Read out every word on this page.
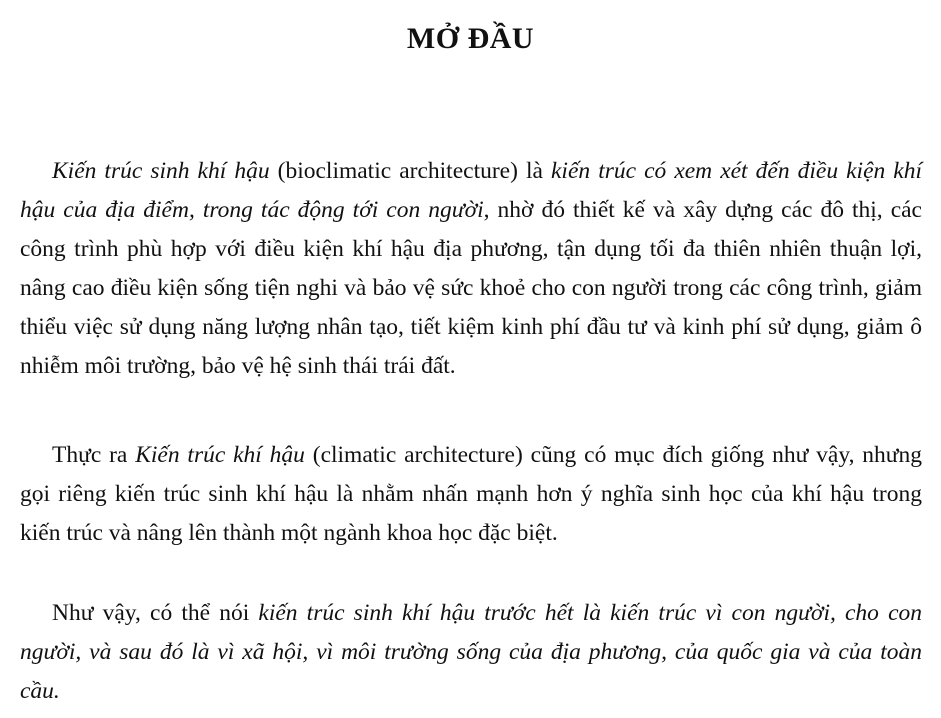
MỞ ĐẦU

Kiến trúc sinh khí hậu (bioclimatic architecture) là kiến trúc có xem xét đến điều kiện khí hậu của địa điểm, trong tác động tới con người, nhờ đó thiết kế và xây dựng các đô thị, các công trình phù hợp với điều kiện khí hậu địa phương, tận dụng tối đa thiên nhiên thuận lợi, nâng cao điều kiện sống tiện nghi và bảo vệ sức khoẻ cho con người trong các công trình, giảm thiểu việc sử dụng năng lượng nhân tạo, tiết kiệm kinh phí đầu tư và kinh phí sử dụng, giảm ô nhiễm môi trường, bảo vệ hệ sinh thái trái đất.

Thực ra Kiến trúc khí hậu (climatic architecture) cũng có mục đích giống như vậy, nhưng gọi riêng kiến trúc sinh khí hậu là nhằm nhấn mạnh hơn ý nghĩa sinh học của khí hậu trong kiến trúc và nâng lên thành một ngành khoa học đặc biệt.

Như vậy, có thể nói kiến trúc sinh khí hậu trước hết là kiến trúc vì con người, cho con người, và sau đó là vì xã hội, vì môi trường sống của địa phương, của quốc gia và của toàn cầu.
